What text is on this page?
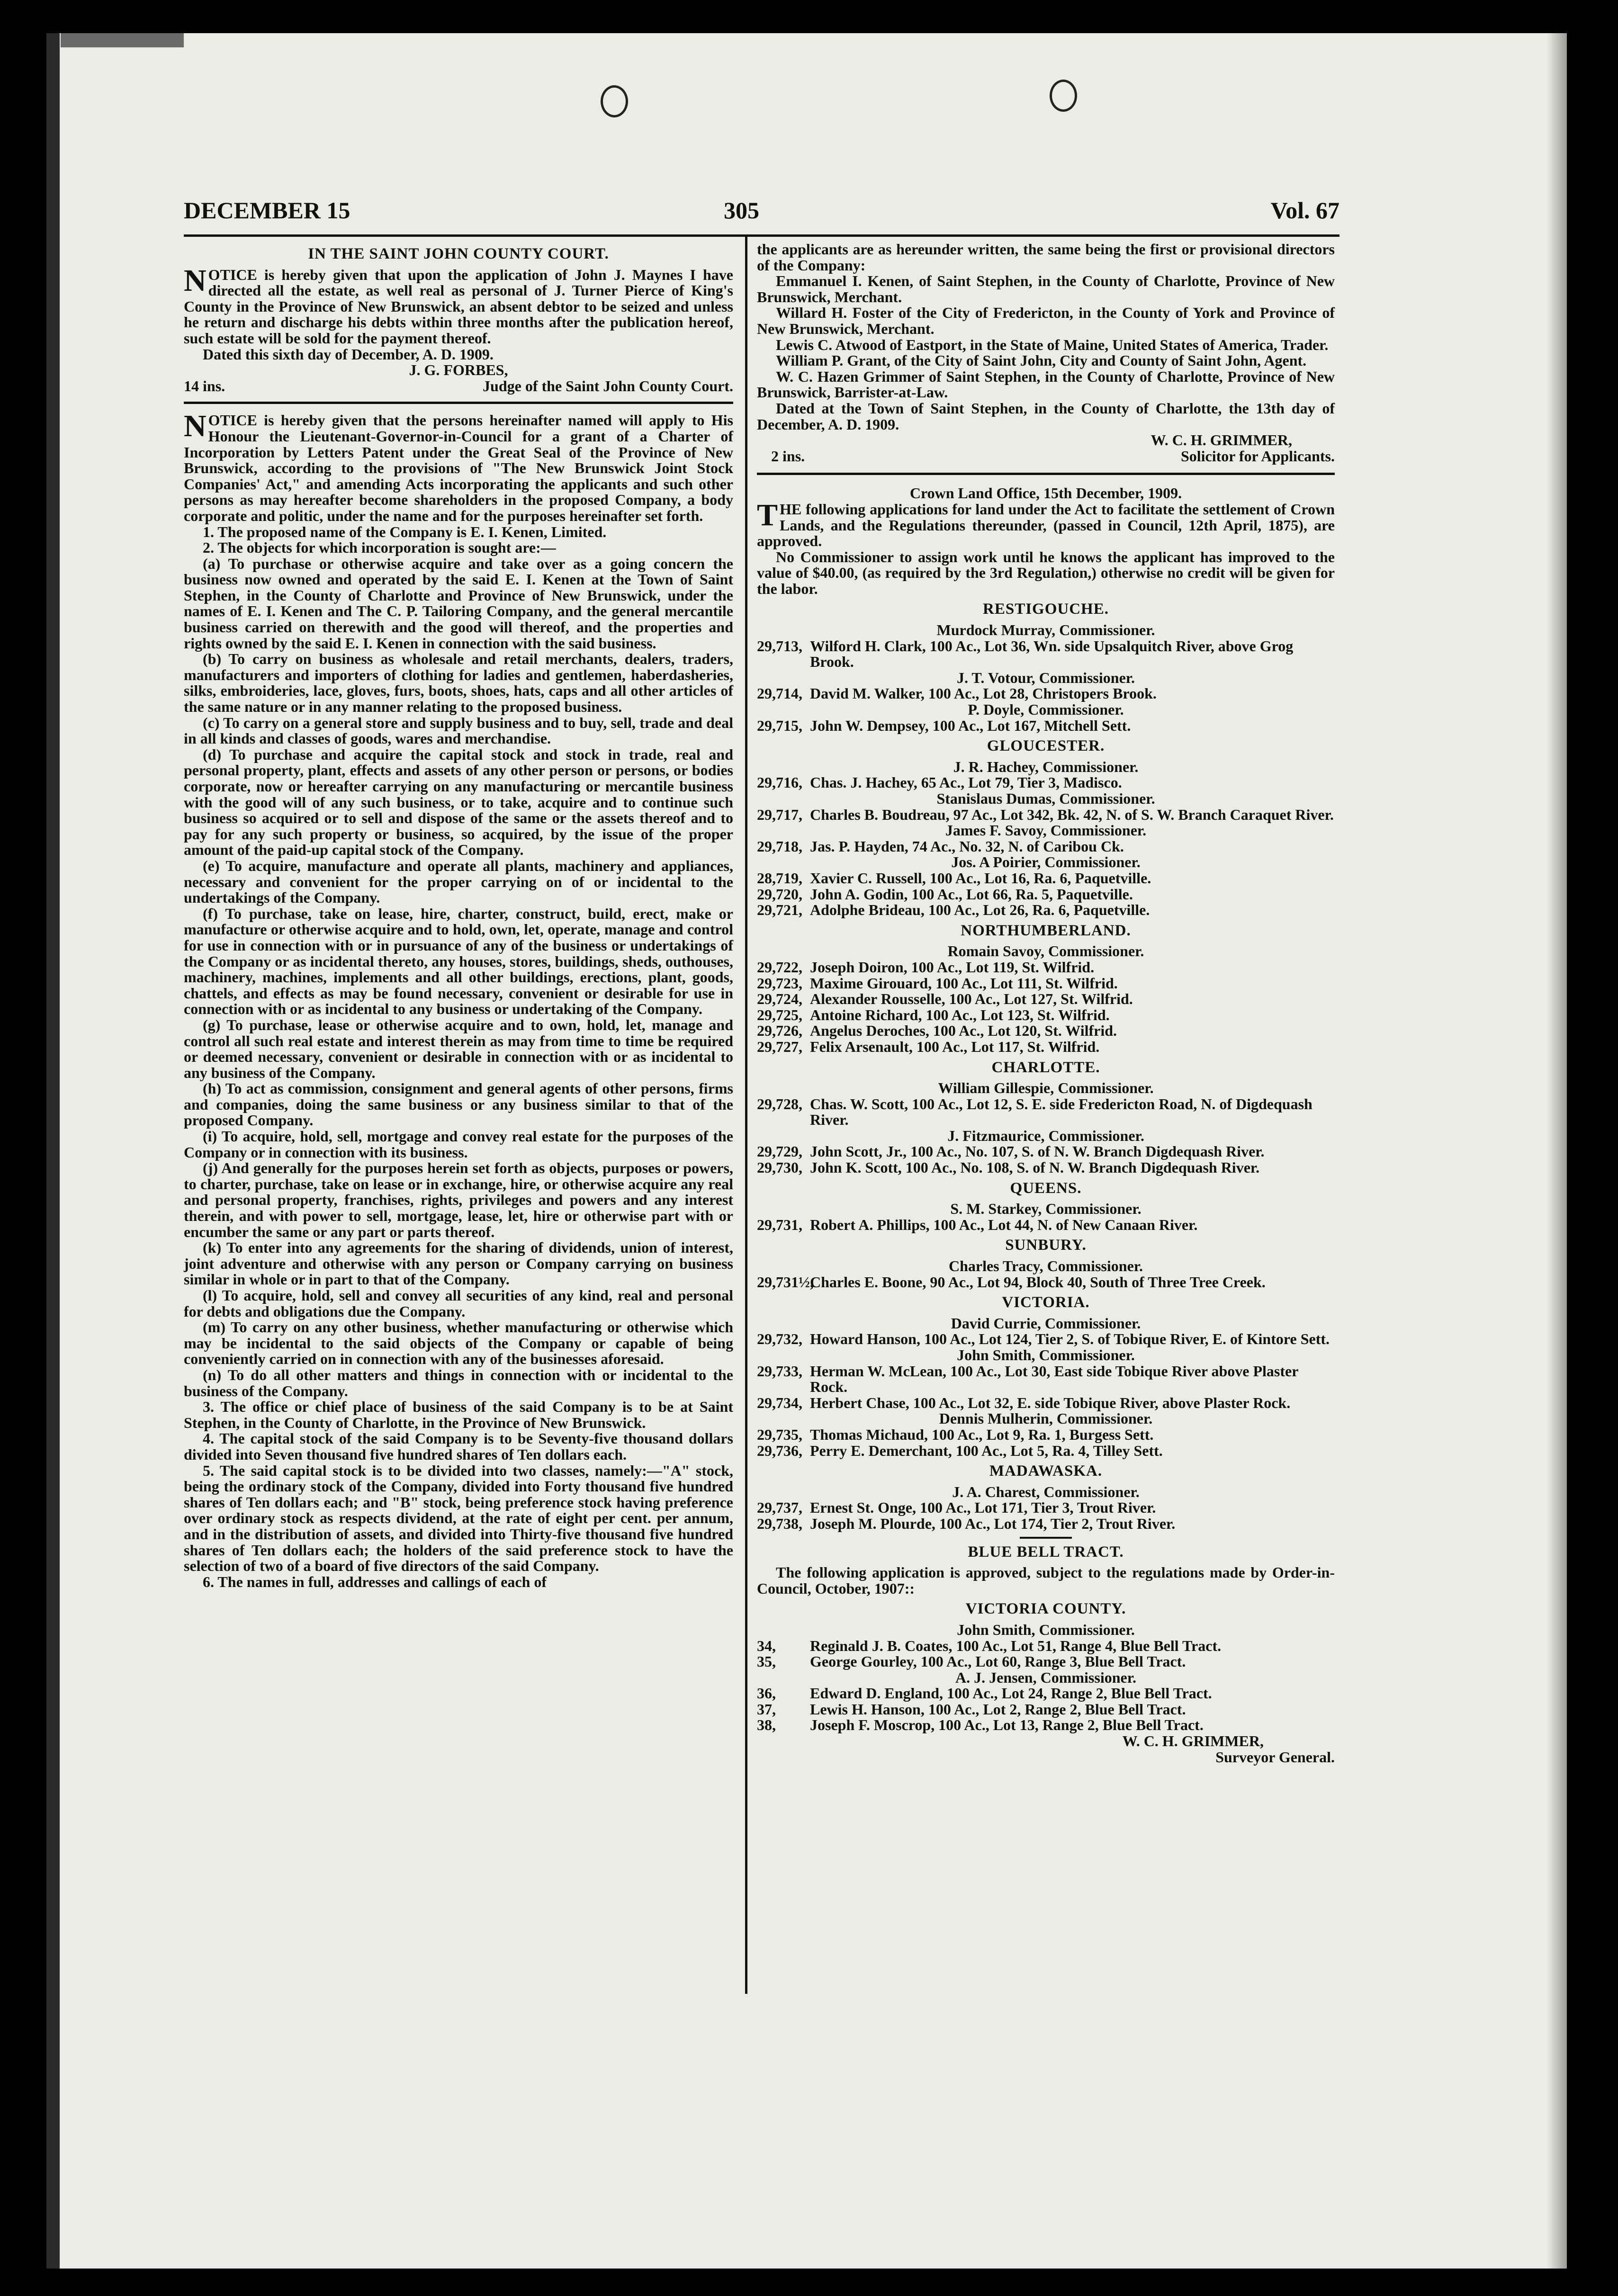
DECEMBER 15	305	Vol. 67
IN THE SAINT JOHN COUNTY COURT.

NOTICE is hereby given that upon the application of John J. Maynes I have directed all the estate, as well real as personal of J. Turner Pierce of King's County in the Province of New Brunswick, an absent debtor to be seized and unless he return and discharge his debts within three months after the publication hereof, such estate will be sold for the payment thereof.

Dated this sixth day of December, A. D. 1909.

J. G. FORBES,

14 ins.	Judge of the Saint John County Court.

NOTICE is hereby given that the persons hereinafter named will apply to His Honour the Lieutenant-Governor-in-Council for a grant of a Charter of Incorporation by Letters Patent under the Great Seal of the Province of New Brunswick, according to the provisions of "The New Brunswick Joint Stock Companies' Act," and amending Acts incorporating the applicants and such other persons as may hereafter become shareholders in the proposed Company, a body corporate and politic, under the name and for the purposes hereinafter set forth.

1. The proposed name of the Company is E. I. Kenen, Limited.

2. The objects for which incorporation is sought are:—

(a) To purchase or otherwise acquire and take over as a going concern the business now owned and operated by the said E. I. Kenen at the Town of Saint Stephen, in the County of Charlotte and Province of New Brunswick, under the names of E. I. Kenen and The C. P. Tailoring Company, and the general mercantile business carried on therewith and the good will thereof, and the properties and rights owned by the said E. I. Kenen in connection with the said business.

(b) To carry on business as wholesale and retail merchants, dealers, traders, manufacturers and importers of clothing for ladies and gentlemen, haberdasheries, silks, embroideries, lace, gloves, furs, boots, shoes, hats, caps and all other articles of the same nature or in any manner relating to the proposed business.

(c) To carry on a general store and supply business and to buy, sell, trade and deal in all kinds and classes of goods, wares and merchandise.

(d) To purchase and acquire the capital stock and stock in trade, real and personal property, plant, effects and assets of any other person or persons, or bodies corporate, now or hereafter carrying on any manufacturing or mercantile business with the good will of any such business, or to take, acquire and to continue such business so acquired or to sell and dispose of the same or the assets thereof and to pay for any such property or business, so acquired, by the issue of the proper amount of the paid-up capital stock of the Company.

(e) To acquire, manufacture and operate all plants, machinery and appliances, necessary and convenient for the proper carrying on of or incidental to the undertakings of the Company.

(f) To purchase, take on lease, hire, charter, construct, build, erect, make or manufacture or otherwise acquire and to hold, own, let, operate, manage and control for use in connection with or in pursuance of any of the business or undertakings of the Company or as incidental thereto, any houses, stores, buildings, sheds, outhouses, machinery, machines, implements and all other buildings, erections, plant, goods, chattels, and effects as may be found necessary, convenient or desirable for use in connection with or as incidental to any business or undertaking of the Company.

(g) To purchase, lease or otherwise acquire and to own, hold, let, manage and control all such real estate and interest therein as may from time to time be required or deemed necessary, convenient or desirable in connection with or as incidental to any business of the Company.

(h) To act as commission, consignment and general agents of other persons, firms and companies, doing the same business or any business similar to that of the proposed Company.

(i) To acquire, hold, sell, mortgage and convey real estate for the purposes of the Company or in connection with its business.

(j) And generally for the purposes herein set forth as objects, purposes or powers, to charter, purchase, take on lease or in exchange, hire, or otherwise acquire any real and personal property, franchises, rights, privileges and powers and any interest therein, and with power to sell, mortgage, lease, let, hire or otherwise part with or encumber the same or any part or parts thereof.

(k) To enter into any agreements for the sharing of dividends, union of interest, joint adventure and otherwise with any person or Company carrying on business similar in whole or in part to that of the Company.

(l) To acquire, hold, sell and convey all securities of any kind, real and personal for debts and obligations due the Company.

(m) To carry on any other business, whether manufacturing or otherwise which may be incidental to the said objects of the Company or capable of being conveniently carried on in connection with any of the businesses aforesaid.

(n) To do all other matters and things in connection with or incidental to the business of the Company.

3. The office or chief place of business of the said Company is to be at Saint Stephen, in the County of Charlotte, in the Province of New Brunswick.

4. The capital stock of the said Company is to be Seventy-five thousand dollars divided into Seven thousand five hundred shares of Ten dollars each.

5. The said capital stock is to be divided into two classes, namely:—"A" stock, being the ordinary stock of the Company, divided into Forty thousand five hundred shares of Ten dollars each; and "B" stock, being preference stock having preference over ordinary stock as respects dividend, at the rate of eight per cent. per annum, and in the distribution of assets, and divided into Thirty-five thousand five hundred shares of Ten dollars each; the holders of the said preference stock to have the selection of two of a board of five directors of the said Company.

6. The names in full, addresses and callings of each of

the applicants are as hereunder written, the same being the first or provisional directors of the Company:

Emmanuel I. Kenen, of Saint Stephen, in the County of Charlotte, Province of New Brunswick, Merchant.

Willard H. Foster of the City of Fredericton, in the County of York and Province of New Brunswick, Merchant.

Lewis C. Atwood of Eastport, in the State of Maine, United States of America, Trader.

William P. Grant, of the City of Saint John, City and County of Saint John, Agent.

W. C. Hazen Grimmer of Saint Stephen, in the County of Charlotte, Province of New Brunswick, Barrister-at-Law.

Dated at the Town of Saint Stephen, in the County of Charlotte, the 13th day of December, A. D. 1909.

W. C. H. GRIMMER,

2 ins.	Solicitor for Applicants.

Crown Land Office, 15th December, 1909.

THE following applications for land under the Act to facilitate the settlement of Crown Lands, and the Regulations thereunder, (passed in Council, 12th April, 1875), are approved.

No Commissioner to assign work until he knows the applicant has improved to the value of $40.00, (as required by the 3rd Regulation,) otherwise no credit will be given for the labor.

RESTIGOUCHE.

Murdock Murray, Commissioner.

29,713, Wilford H. Clark, 100 Ac., Lot 36, Wn. side Upsalquitch River, above Grog Brook.

J. T. Votour, Commissioner.

29,714, David M. Walker, 100 Ac., Lot 28, Christopers Brook.

P. Doyle, Commissioner.

29,715, John W. Dempsey, 100 Ac., Lot 167, Mitchell Sett.

GLOUCESTER.

J. R. Hachey, Commissioner.

29,716, Chas. J. Hachey, 65 Ac., Lot 79, Tier 3, Madisco.

Stanislaus Dumas, Commissioner.

29,717, Charles B. Boudreau, 97 Ac., Lot 342, Bk. 42, N. of S. W. Branch Caraquet River.

James F. Savoy, Commissioner.

29,718, Jas. P. Hayden, 74 Ac., No. 32, N. of Caribou Ck.

Jos. A Poirier, Commissioner.

28,719, Xavier C. Russell, 100 Ac., Lot 16, Ra. 6, Paquetville.

29,720, John A. Godin, 100 Ac., Lot 66, Ra. 5, Paquetville.

29,721, Adolphe Brideau, 100 Ac., Lot 26, Ra. 6, Paquetville.

NORTHUMBERLAND.

Romain Savoy, Commissioner.

29,722, Joseph Doiron, 100 Ac., Lot 119, St. Wilfrid.

29,723, Maxime Girouard, 100 Ac., Lot 111, St. Wilfrid.

29,724, Alexander Rousselle, 100 Ac., Lot 127, St. Wilfrid.

29,725, Antoine Richard, 100 Ac., Lot 123, St. Wilfrid.

29,726, Angelus Deroches, 100 Ac., Lot 120, St. Wilfrid.

29,727, Felix Arsenault, 100 Ac., Lot 117, St. Wilfrid.

CHARLOTTE.

William Gillespie, Commissioner.

29,728, Chas. W. Scott, 100 Ac., Lot 12, S. E. side Fredericton Road, N. of Digdequash River.

J. Fitzmaurice, Commissioner.

29,729, John Scott, Jr., 100 Ac., No. 107, S. of N. W. Branch Digdequash River.

29,730, John K. Scott, 100 Ac., No. 108, S. of N. W. Branch Digdequash River.

QUEENS.

S. M. Starkey, Commissioner.

29,731, Robert A. Phillips, 100 Ac., Lot 44, N. of New Canaan River.

SUNBURY.

Charles Tracy, Commissioner.

29,731½,Charles E. Boone, 90 Ac., Lot 94, Block 40, South of Three Tree Creek.

VICTORIA.

David Currie, Commissioner.

29,732, Howard Hanson, 100 Ac., Lot 124, Tier 2, S. of Tobique River, E. of Kintore Sett.

John Smith, Commissioner.

29,733, Herman W. McLean, 100 Ac., Lot 30, East side Tobique River above Plaster Rock.

29,734, Herbert Chase, 100 Ac., Lot 32, E. side Tobique River, above Plaster Rock.

Dennis Mulherin, Commissioner.

29,735, Thomas Michaud, 100 Ac., Lot 9, Ra. 1, Burgess Sett.

29,736, Perry E. Demerchant, 100 Ac., Lot 5, Ra. 4, Tilley Sett.

MADAWASKA.

J. A. Charest, Commissioner.

29,737, Ernest St. Onge, 100 Ac., Lot 171, Tier 3, Trout River.

29,738, Joseph M. Plourde, 100 Ac., Lot 174, Tier 2, Trout River.

BLUE BELL TRACT.

The following application is approved, subject to the regulations made by Order-in-Council, October, 1907::

VICTORIA COUNTY.

John Smith, Commissioner.

34, Reginald J. B. Coates, 100 Ac., Lot 51, Range 4, Blue Bell Tract.

35, George Gourley, 100 Ac., Lot 60, Range 3, Blue Bell Tract.

A. J. Jensen, Commissioner.

36, Edward D. England, 100 Ac., Lot 24, Range 2, Blue Bell Tract.

37, Lewis H. Hanson, 100 Ac., Lot 2, Range 2, Blue Bell Tract.

38, Joseph F. Moscrop, 100 Ac., Lot 13, Range 2, Blue Bell Tract.

W. C. H. GRIMMER,

Surveyor General.
